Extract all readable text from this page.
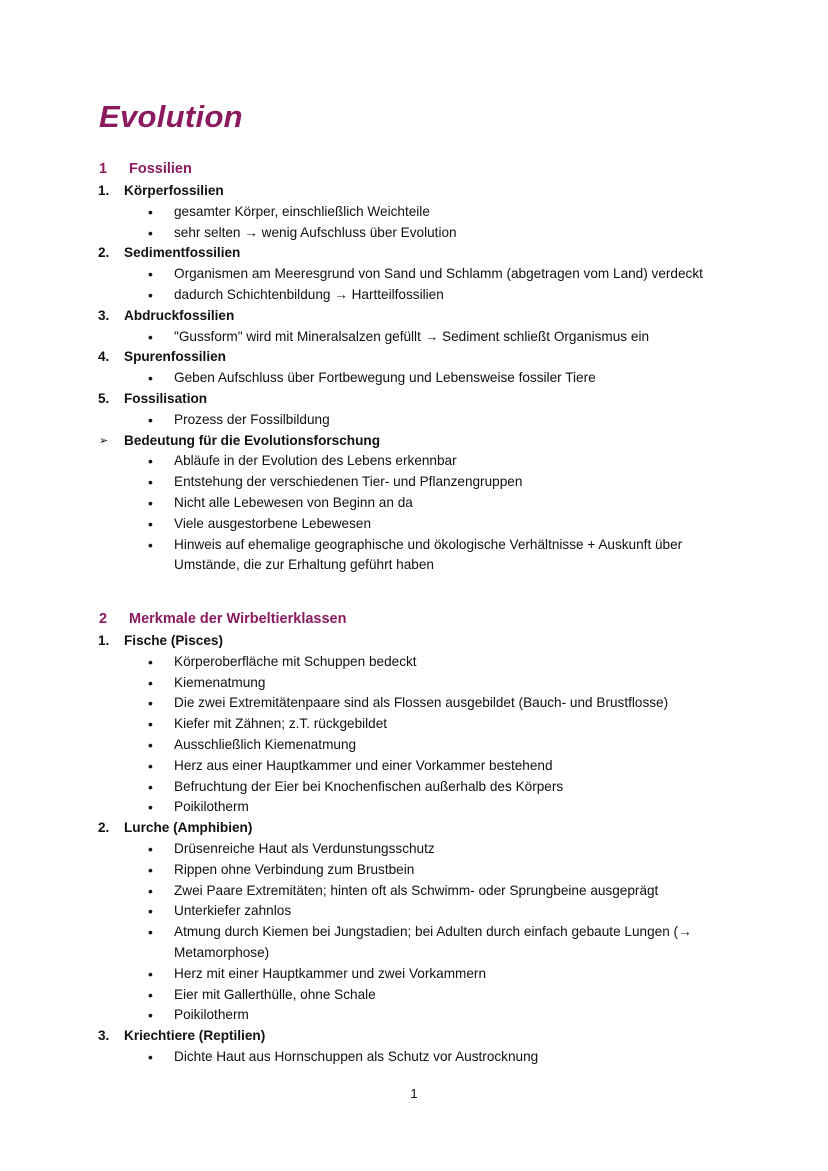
Evolution
1 Fossilien
1. Körperfossilien
• gesamter Körper, einschließlich Weichteile
• sehr selten → wenig Aufschluss über Evolution
2. Sedimentfossilien
• Organismen am Meeresgrund von Sand und Schlamm (abgetragen vom Land) verdeckt
• dadurch Schichtenbildung → Hartteilfossilien
3. Abdruckfossilien
• "Gussform" wird mit Mineralsalzen gefüllt → Sediment schließt Organismus ein
4. Spurenfossilien
• Geben Aufschluss über Fortbewegung und Lebensweise fossiler Tiere
5. Fossilisation
• Prozess der Fossilbildung
➢ Bedeutung für die Evolutionsforschung
• Abläufe in der Evolution des Lebens erkennbar
• Entstehung der verschiedenen Tier- und Pflanzengruppen
• Nicht alle Lebewesen von Beginn an da
• Viele ausgestorbene Lebewesen
• Hinweis auf ehemalige geographische und ökologische Verhältnisse + Auskunft über
Umstände, die zur Erhaltung geführt haben
2 Merkmale der Wirbeltierklassen
1. Fische (Pisces)
• Körperoberfläche mit Schuppen bedeckt
• Kiemenatmung
• Die zwei Extremitätenpaare sind als Flossen ausgebildet (Bauch- und Brustflosse)
• Kiefer mit Zähnen; z.T. rückgebildet
• Ausschließlich Kiemenatmung
• Herz aus einer Hauptkammer und einer Vorkammer bestehend
• Befruchtung der Eier bei Knochenfischen außerhalb des Körpers
• Poikilotherm
2. Lurche (Amphibien)
• Drüsenreiche Haut als Verdunstungsschutz
• Rippen ohne Verbindung zum Brustbein
• Zwei Paare Extremitäten; hinten oft als Schwimm- oder Sprungbeine ausgeprägt
• Unterkiefer zahnlos
• Atmung durch Kiemen bei Jungstadien; bei Adulten durch einfach gebaute Lungen (→
Metamorphose)
• Herz mit einer Hauptkammer und zwei Vorkammern
• Eier mit Gallerthülle, ohne Schale
• Poikilotherm
3. Kriechtiere (Reptilien)
• Dichte Haut aus Hornschuppen als Schutz vor Austrocknung
1
